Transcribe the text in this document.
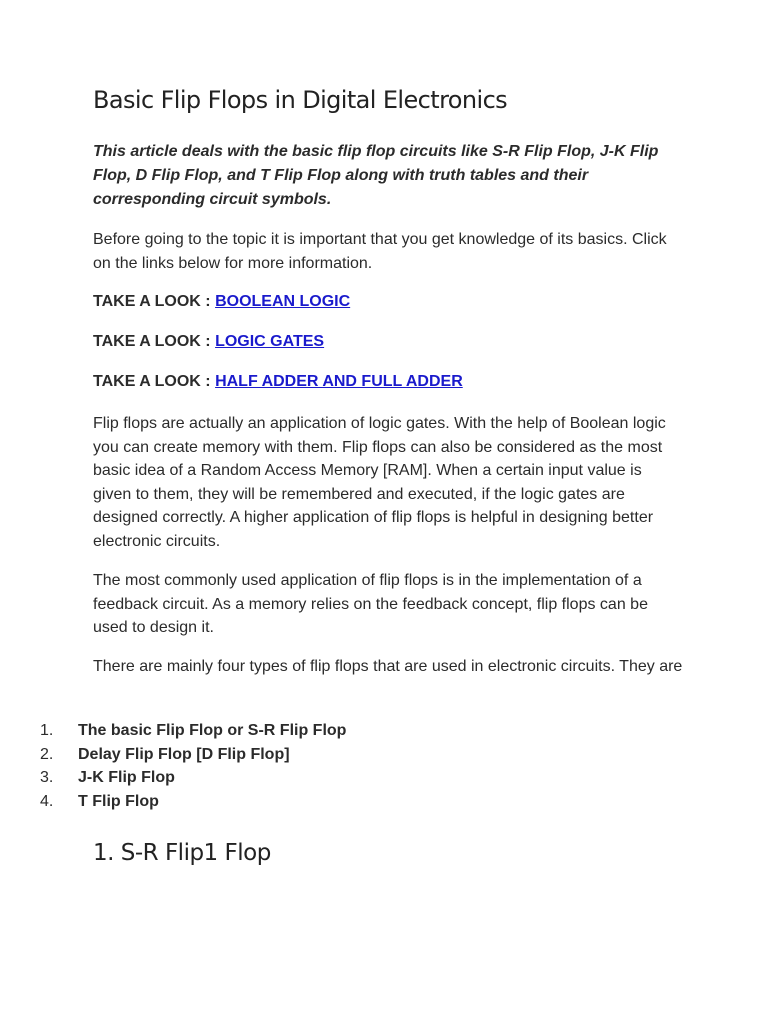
Basic Flip Flops in Digital Electronics

This article deals with the basic flip flop circuits like S-R Flip Flop, J-K Flip Flop, D Flip Flop, and T Flip Flop along with truth tables and their corresponding circuit symbols.

Before going to the topic it is important that you get knowledge of its basics. Click on the links below for more information.

TAKE A LOOK : BOOLEAN LOGIC

TAKE A LOOK : LOGIC GATES

TAKE A LOOK : HALF ADDER AND FULL ADDER

Flip flops are actually an application of logic gates. With the help of Boolean logic you can create memory with them. Flip flops can also be considered as the most basic idea of a Random Access Memory [RAM]. When a certain input value is given to them, they will be remembered and executed, if the logic gates are designed correctly. A higher application of flip flops is helpful in designing better electronic circuits.

The most commonly used application of flip flops is in the implementation of a feedback circuit. As a memory relies on the feedback concept, flip flops can be used to design it.

There are mainly four types of flip flops that are used in electronic circuits. They are

1. The basic Flip Flop or S-R Flip Flop
2. Delay Flip Flop [D Flip Flop]
3. J-K Flip Flop
4. T Flip Flop
1. S-R Flip1 Flop
